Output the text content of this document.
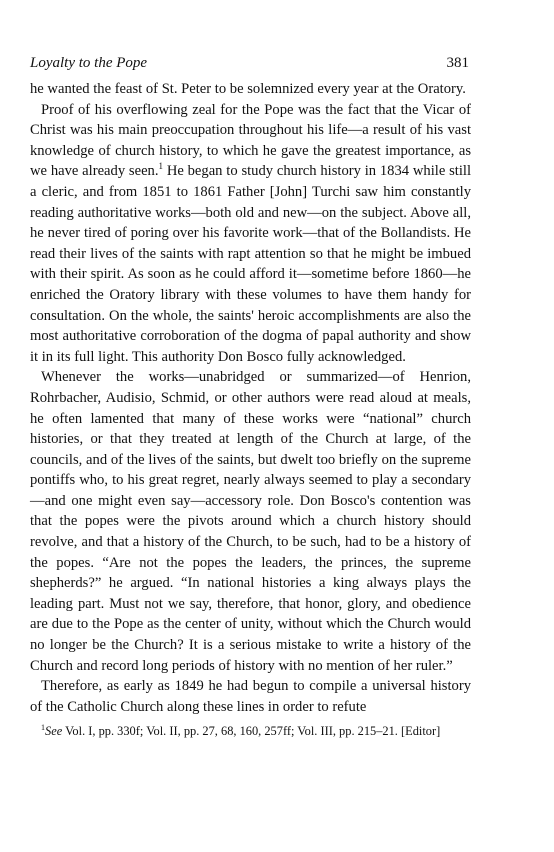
Loyalty to the Pope	381

he wanted the feast of St. Peter to be solemnized every year at the Oratory.

Proof of his overflowing zeal for the Pope was the fact that the Vicar of Christ was his main preoccupation throughout his life—a result of his vast knowledge of church history, to which he gave the greatest importance, as we have already seen.$^1$ He began to study church history in 1834 while still a cleric, and from 1851 to 1861 Father [John] Turchi saw him constantly reading authoritative works—both old and new—on the subject. Above all, he never tired of poring over his favorite work—that of the Bollandists. He read their lives of the saints with rapt attention so that he might be imbued with their spirit. As soon as he could afford it—sometime before 1860—he enriched the Oratory library with these volumes to have them handy for consultation. On the whole, the saints' heroic accomplishments are also the most authoritative corroboration of the dogma of papal authority and show it in its full light. This authority Don Bosco fully acknowledged.

Whenever the works—unabridged or summarized—of Henrion, Rohrbacher, Audisio, Schmid, or other authors were read aloud at meals, he often lamented that many of these works were “national” church histories, or that they treated at length of the Church at large, of the councils, and of the lives of the saints, but dwelt too briefly on the supreme pontiffs who, to his great regret, nearly always seemed to play a secondary—and one might even say—accessory role. Don Bosco's contention was that the popes were the pivots around which a church history should revolve, and that a history of the Church, to be such, had to be a history of the popes. “Are not the popes the leaders, the princes, the supreme shepherds?” he argued. “In national histories a king always plays the leading part. Must not we say, therefore, that honor, glory, and obedience are due to the Pope as the center of unity, without which the Church would no longer be the Church? It is a serious mistake to write a history of the Church and record long periods of history with no mention of her ruler.”

Therefore, as early as 1849 he had begun to compile a universal history of the Catholic Church along these lines in order to refute

$^1$See Vol. I, pp. 330f; Vol. II, pp. 27, 68, 160, 257ff; Vol. III, pp. 215–21. [Editor]
